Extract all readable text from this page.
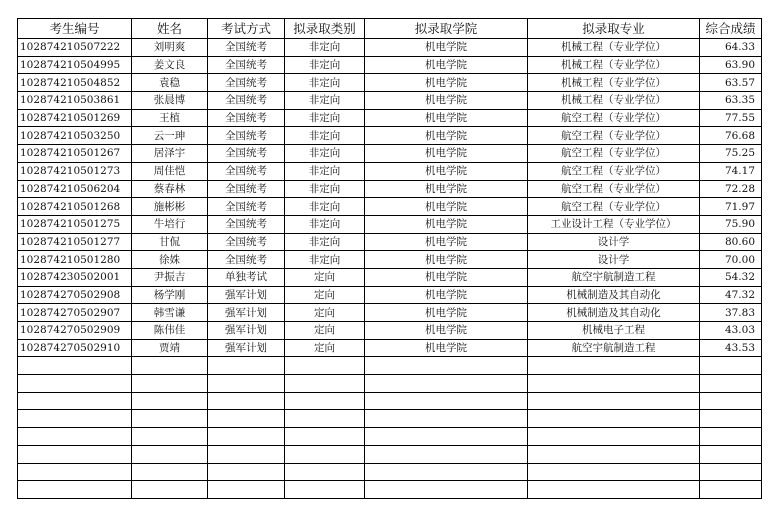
考生编号	姓名	考试方式	拟录取类别	拟录取学院	拟录取专业	综合成绩
102874210507222	刘明爽	全国统考	非定向	机电学院	机械工程（专业学位）	64.33
102874210504995	姜文良	全国统考	非定向	机电学院	机械工程（专业学位）	63.90
102874210504852	袁稳	全国统考	非定向	机电学院	机械工程（专业学位）	63.57
102874210503861	张晨博	全国统考	非定向	机电学院	机械工程（专业学位）	63.35
102874210501269	王植	全国统考	非定向	机电学院	航空工程（专业学位）	77.55
102874210503250	云一珅	全国统考	非定向	机电学院	航空工程（专业学位）	76.68
102874210501267	居泽宇	全国统考	非定向	机电学院	航空工程（专业学位）	75.25
102874210501273	周佳恺	全国统考	非定向	机电学院	航空工程（专业学位）	74.17
102874210506204	蔡春林	全国统考	非定向	机电学院	航空工程（专业学位）	72.28
102874210501268	施彬彬	全国统考	非定向	机电学院	航空工程（专业学位）	71.97
102874210501275	牛培行	全国统考	非定向	机电学院	工业设计工程（专业学位）	75.90
102874210501277	甘侃	全国统考	非定向	机电学院	设计学	80.60
102874210501280	徐姝	全国统考	非定向	机电学院	设计学	70.00
102874230502001	尹振吉	单独考试	定向	机电学院	航空宇航制造工程	54.32
102874270502908	杨学刚	强军计划	定向	机电学院	机械制造及其自动化	47.32
102874270502907	韩雪谦	强军计划	定向	机电学院	机械制造及其自动化	37.83
102874270502909	陈伟佳	强军计划	定向	机电学院	机械电子工程	43.03
102874270502910	贾靖	强军计划	定向	机电学院	航空宇航制造工程	43.53
